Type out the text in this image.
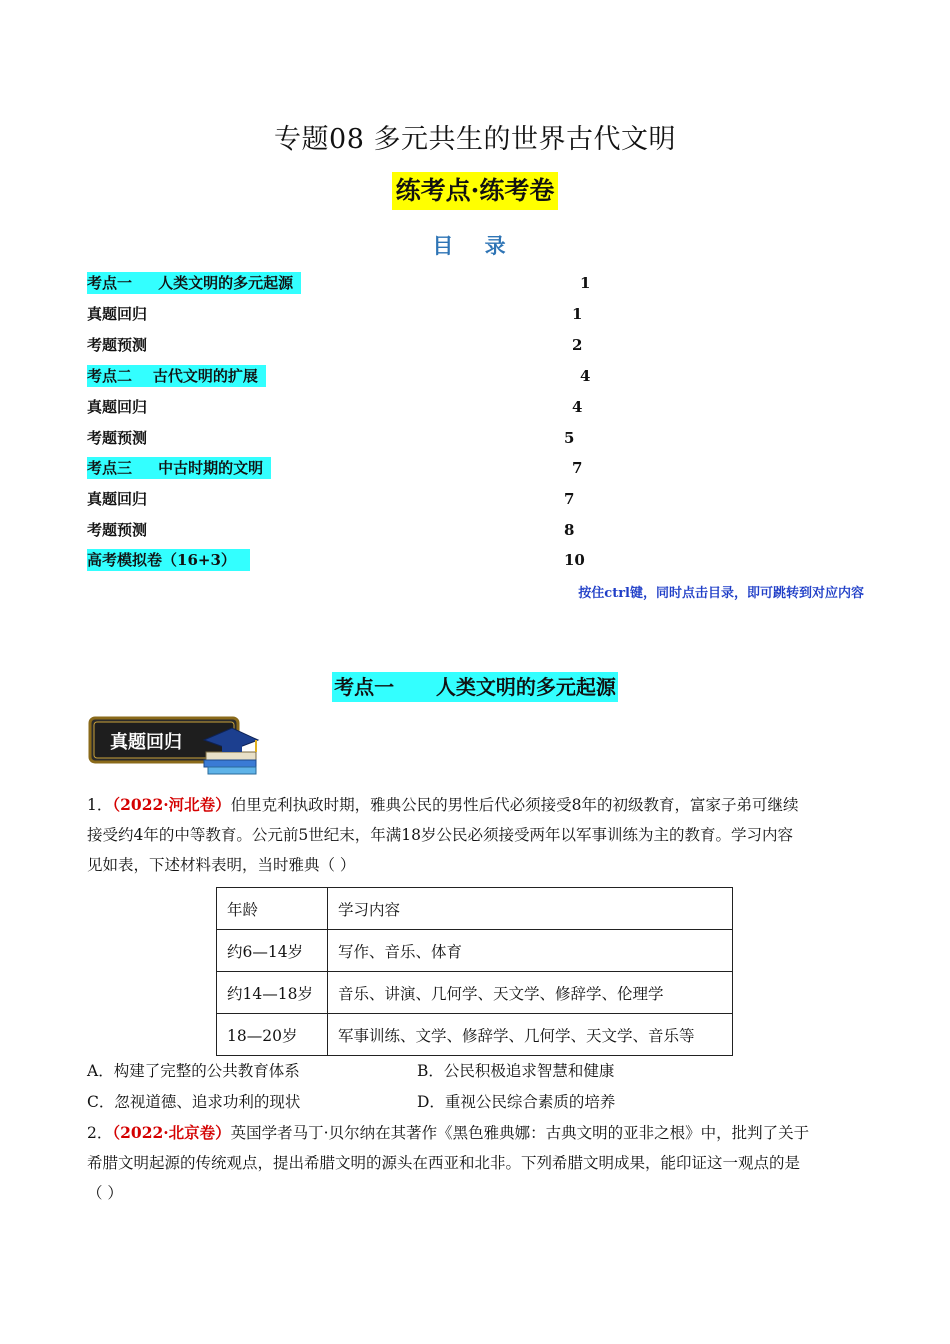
专题08 多元共生的世界古代文明
练考点·练考卷
目 录
考点一     人类文明的多元起源	1
真题回归	1
考题预测	2
考点二    古代文明的扩展	4
真题回归	4
考题预测	5
考点三     中古时期的文明	7
真题回归	7
考题预测	8
高考模拟卷（16+3）	10
按住ctrl键，同时点击目录，即可跳转到对应内容
考点一      人类文明的多元起源
真题回归
1．（2022·河北卷）伯里克利执政时期，雅典公民的男性后代必须接受8年的初级教育，富家子弟可继续
接受约4年的中等教育。公元前5世纪末，年满18岁公民必须接受两年以军事训练为主的教育。学习内容
见如表，下述材料表明，当时雅典（ ）
年龄	学习内容
约6—14岁	写作、音乐、体育
约14—18岁	音乐、讲演、几何学、天文学、修辞学、伦理学
18—20岁	军事训练、文学、修辞学、几何学、天文学、音乐等
A．构建了完整的公共教育体系	B．公民积极追求智慧和健康
C．忽视道德、追求功利的现状	D．重视公民综合素质的培养
2．（2022·北京卷）英国学者马丁·贝尔纳在其著作《黑色雅典娜：古典文明的亚非之根》中，批判了关于
希腊文明起源的传统观点，提出希腊文明的源头在西亚和北非。下列希腊文明成果，能印证这一观点的是
（ ）
